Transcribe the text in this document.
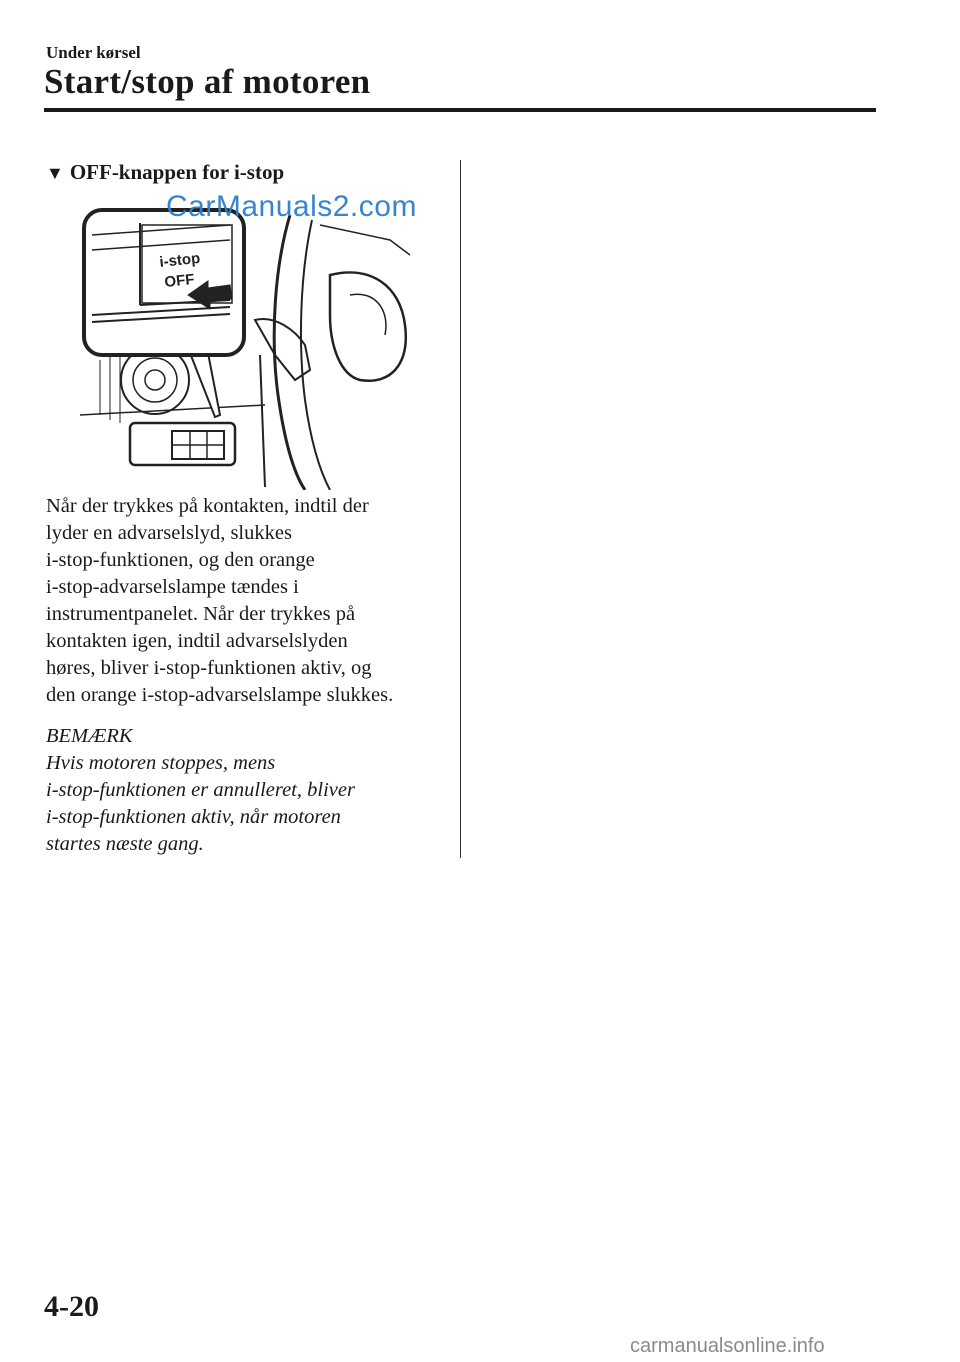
Under kørsel
Start/stop af motoren
▼ OFF-knappen for i-stop
i-stop
OFF
CarManuals2.com
Når der trykkes på kontakten, indtil der
lyder en advarselslyd, slukkes
i-stop-funktionen, og den orange
i-stop-advarselslampe tændes i
instrumentpanelet. Når der trykkes på
kontakten igen, indtil advarselslyden
høres, bliver i-stop-funktionen aktiv, og
den orange i-stop-advarselslampe slukkes.
BEMÆRK
Hvis motoren stoppes, mens
i-stop-funktionen er annulleret, bliver
i-stop-funktionen aktiv, når motoren
startes næste gang.
4-20
carmanualsonline.info
